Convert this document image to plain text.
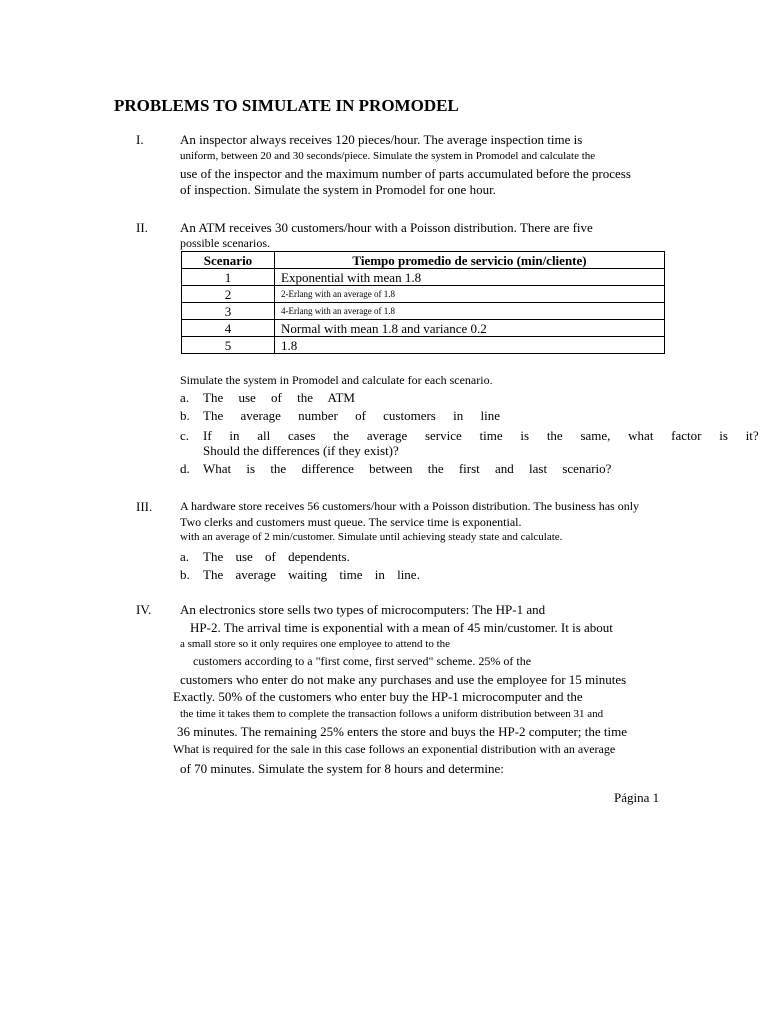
PROBLEMS TO SIMULATE IN PROMODEL
I.	An inspector always receives 120 pieces/hour. The average inspection time is
uniform, between 20 and 30 seconds/piece. Simulate the system in Promodel and calculate the
use of the inspector and the maximum number of parts accumulated before the process
of inspection. Simulate the system in Promodel for one hour.
II. An ATM receives 30 customers/hour with a Poisson distribution. There are five
possible scenarios.
Scenario	Tiempo promedio de servicio (min/cliente)
1	Exponential with mean 1.8
2	2-Erlang with an average of 1.8
3	4-Erlang with an average of 1.8
4	Normal with mean 1.8 and variance 0.2
5	1.8
Simulate the system in Promodel and calculate for each scenario.
a. The use of the ATM
b. The average number of customers in line
c. If in all cases the average service time is the same, what factor is it?
Should the differences (if they exist)?
d. What is the difference between the first and last scenario?
III. A hardware store receives 56 customers/hour with a Poisson distribution. The business has only
Two clerks and customers must queue. The service time is exponential.
with an average of 2 min/customer. Simulate until achieving steady state and calculate.
a. The use of dependents.
b. The average waiting time in line.
IV. An electronics store sells two types of microcomputers: The HP-1 and
HP-2. The arrival time is exponential with a mean of 45 min/customer. It is about
a small store so it only requires one employee to attend to the
customers according to a "first come, first served" scheme. 25% of the
customers who enter do not make any purchases and use the employee for 15 minutes
Exactly. 50% of the customers who enter buy the HP-1 microcomputer and the
the time it takes them to complete the transaction follows a uniform distribution between 31 and
36 minutes. The remaining 25% enters the store and buys the HP-2 computer; the time
What is required for the sale in this case follows an exponential distribution with an average
of 70 minutes. Simulate the system for 8 hours and determine:
Página 1
